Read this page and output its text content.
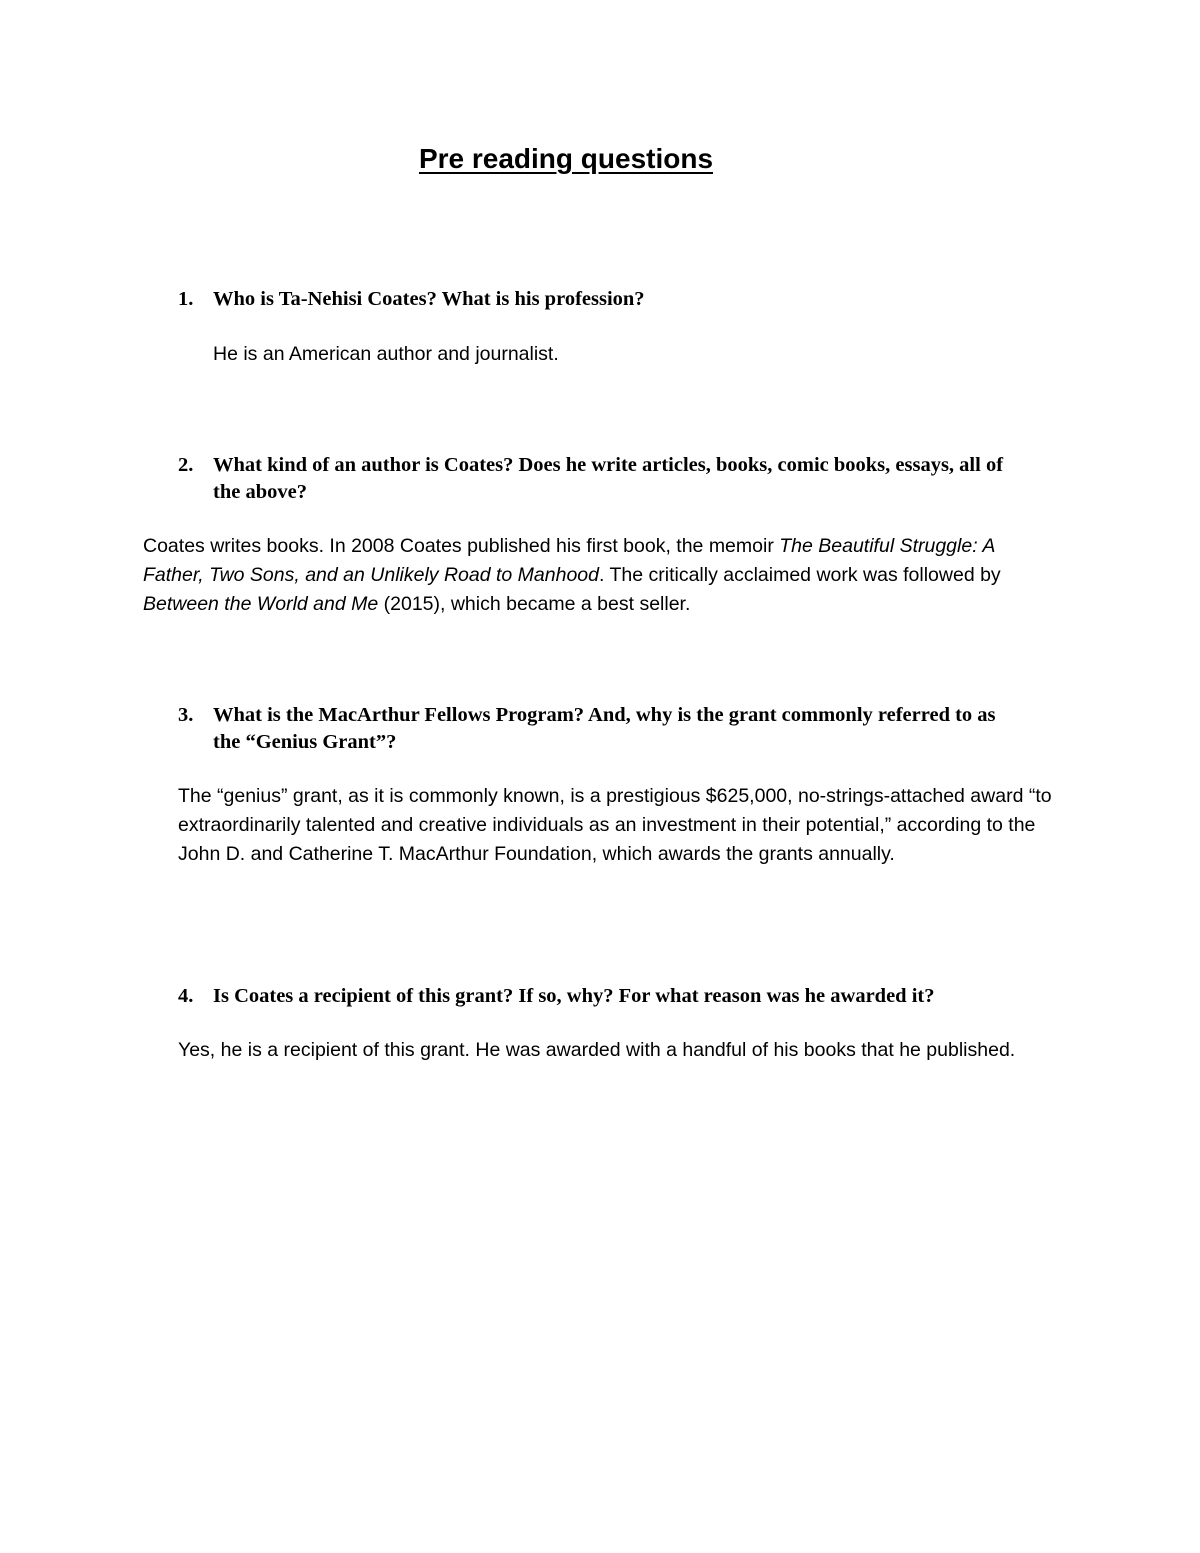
Pre reading questions
1. Who is Ta-Nehisi Coates? What is his profession?
He is an American author and journalist.
2. What kind of an author is Coates? Does he write articles, books, comic books, essays, all of the above?
Coates writes books. In 2008 Coates published his first book, the memoir The Beautiful Struggle: A Father, Two Sons, and an Unlikely Road to Manhood. The critically acclaimed work was followed by Between the World and Me (2015), which became a best seller.
3. What is the MacArthur Fellows Program? And, why is the grant commonly referred to as the “Genius Grant”?
The “genius” grant, as it is commonly known, is a prestigious $625,000, no-strings-attached award “to extraordinarily talented and creative individuals as an investment in their potential,” according to the John D. and Catherine T. MacArthur Foundation, which awards the grants annually.
4. Is Coates a recipient of this grant? If so, why? For what reason was he awarded it?
Yes, he is a recipient of this grant. He was awarded with a handful of his books that he published.
